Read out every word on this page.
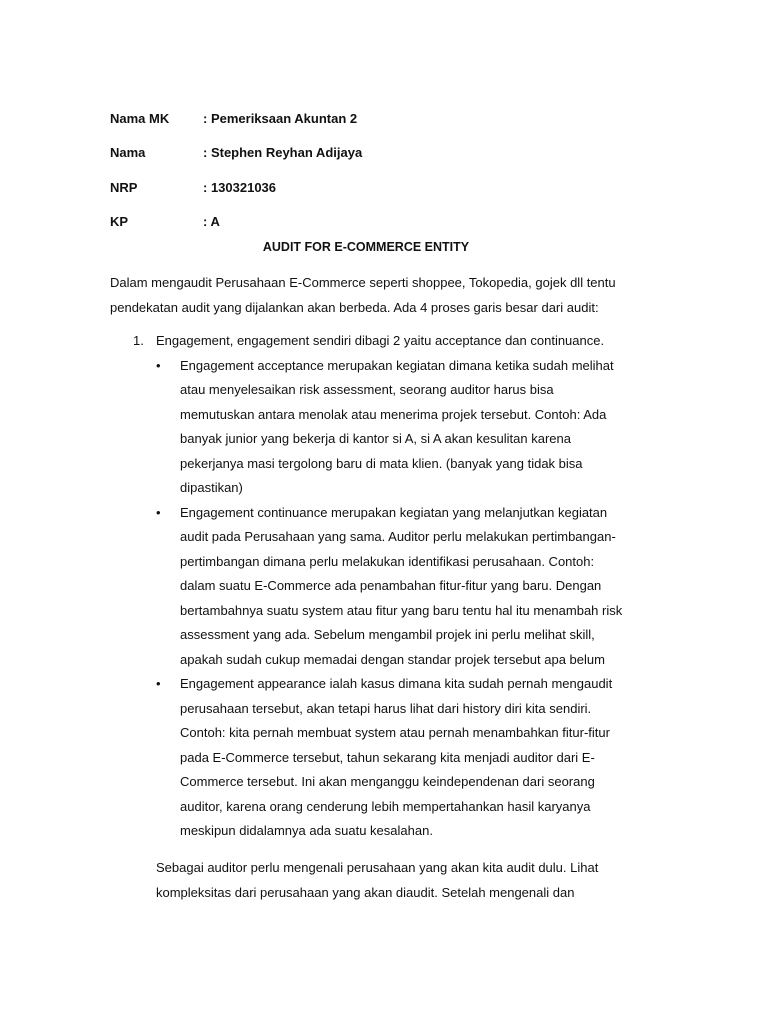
Nama MK	: Pemeriksaan Akuntan 2
Nama	: Stephen Reyhan Adijaya
NRP	: 130321036
KP	: A
AUDIT FOR E-COMMERCE ENTITY

Dalam mengaudit Perusahaan E-Commerce seperti shoppee, Tokopedia, gojek dll tentu pendekatan audit yang dijalankan akan berbeda. Ada 4 proses garis besar dari audit:

1. Engagement, engagement sendiri dibagi 2 yaitu acceptance dan continuance.
• Engagement acceptance merupakan kegiatan dimana ketika sudah melihat atau menyelesaikan risk assessment, seorang auditor harus bisa memutuskan antara menolak atau menerima projek tersebut. Contoh: Ada banyak junior yang bekerja di kantor si A, si A akan kesulitan karena pekerjanya masi tergolong baru di mata klien. (banyak yang tidak bisa dipastikan)
• Engagement continuance merupakan kegiatan yang melanjutkan kegiatan audit pada Perusahaan yang sama. Auditor perlu melakukan pertimbangan-pertimbangan dimana perlu melakukan identifikasi perusahaan. Contoh: dalam suatu E-Commerce ada penambahan fitur-fitur yang baru. Dengan bertambahnya suatu system atau fitur yang baru tentu hal itu menambah risk assessment yang ada. Sebelum mengambil projek ini perlu melihat skill, apakah sudah cukup memadai dengan standar projek tersebut apa belum
• Engagement appearance ialah kasus dimana kita sudah pernah mengaudit perusahaan tersebut, akan tetapi harus lihat dari history diri kita sendiri. Contoh: kita pernah membuat system atau pernah menambahkan fitur-fitur pada E-Commerce tersebut, tahun sekarang kita menjadi auditor dari E-Commerce tersebut. Ini akan menganggu keindependenan dari seorang auditor, karena orang cenderung lebih mempertahankan hasil karyanya meskipun didalamnya ada suatu kesalahan.

Sebagai auditor perlu mengenali perusahaan yang akan kita audit dulu. Lihat kompleksitas dari perusahaan yang akan diaudit. Setelah mengenali dan
